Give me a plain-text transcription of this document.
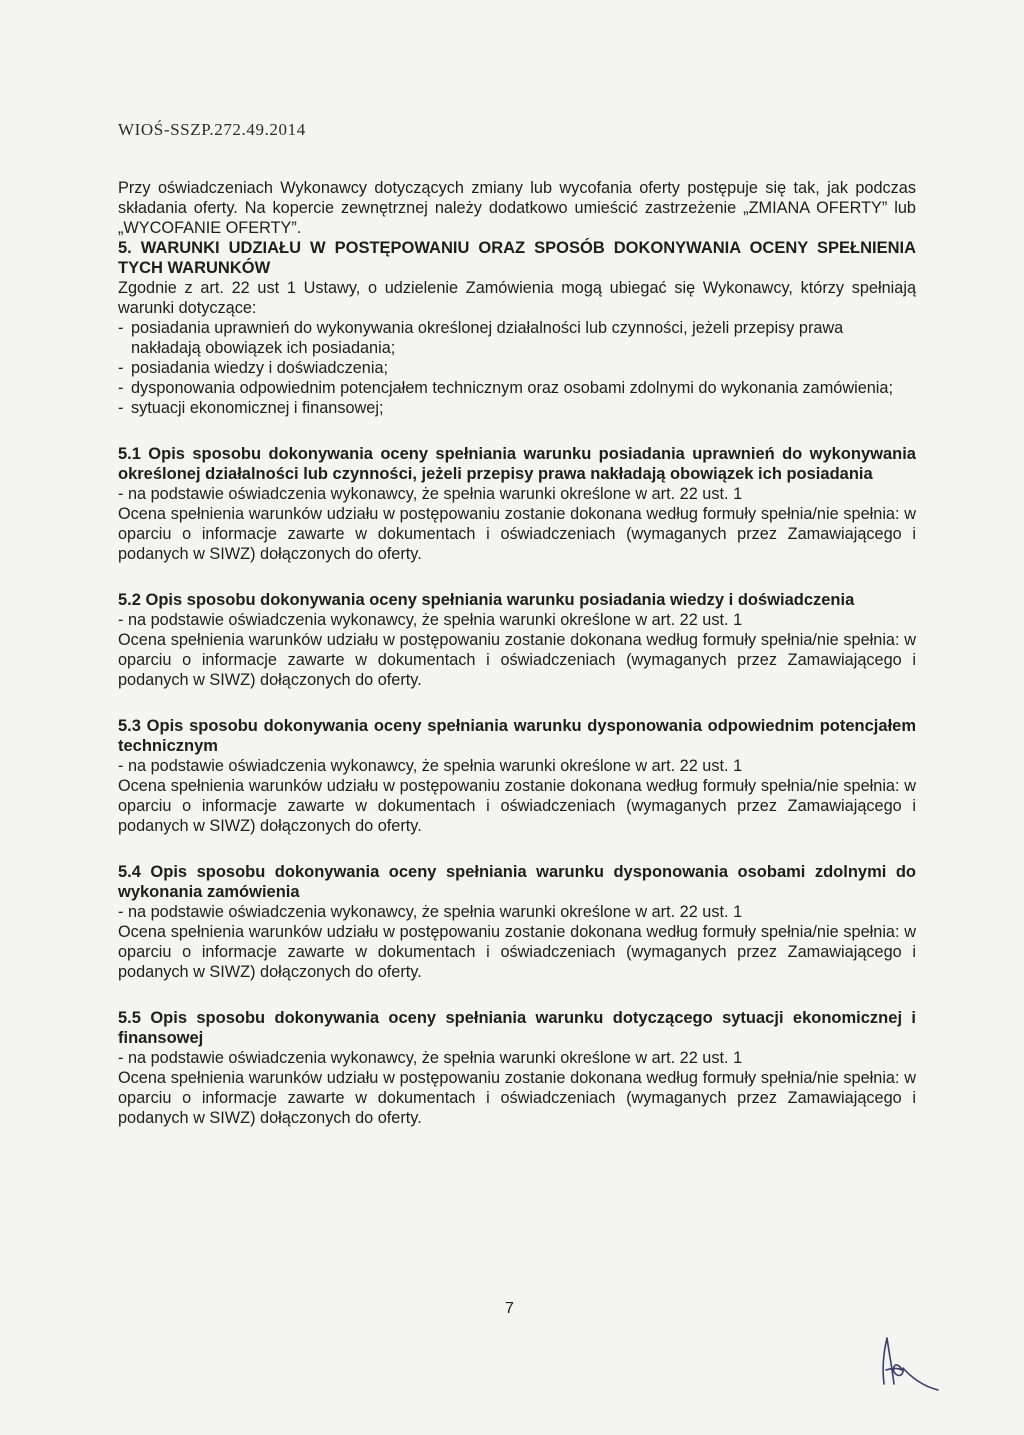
WIOŚ-SSZP.272.49.2014

Przy oświadczeniach Wykonawcy dotyczących zmiany lub wycofania oferty postępuje się tak, jak podczas składania oferty. Na kopercie zewnętrznej należy dodatkowo umieścić zastrzeżenie „ZMIANA OFERTY” lub „WYCOFANIE OFERTY”.

5. WARUNKI UDZIAŁU W POSTĘPOWANIU ORAZ SPOSÓB DOKONYWANIA OCENY SPEŁNIENIA TYCH WARUNKÓW

Zgodnie z art. 22 ust 1 Ustawy, o udzielenie Zamówienia mogą ubiegać się Wykonawcy, którzy spełniają warunki dotyczące:

- posiadania uprawnień do wykonywania określonej działalności lub czynności, jeżeli przepisy prawa nakładają obowiązek ich posiadania;
- posiadania wiedzy i doświadczenia;
- dysponowania odpowiednim potencjałem technicznym oraz osobami zdolnymi do wykonania zamówienia;
- sytuacji ekonomicznej i finansowej;

5.1 Opis sposobu dokonywania oceny spełniania warunku posiadania uprawnień do wykonywania określonej działalności lub czynności, jeżeli przepisy prawa nakładają obowiązek ich posiadania

- na podstawie oświadczenia wykonawcy, że spełnia warunki określone w art. 22 ust. 1

Ocena spełnienia warunków udziału w postępowaniu zostanie dokonana według formuły spełnia/nie spełnia: w oparciu o informacje zawarte w dokumentach i oświadczeniach (wymaganych przez Zamawiającego i podanych w SIWZ) dołączonych do oferty.

5.2 Opis sposobu dokonywania oceny spełniania warunku posiadania wiedzy i doświadczenia

- na podstawie oświadczenia wykonawcy, że spełnia warunki określone w art. 22 ust. 1

Ocena spełnienia warunków udziału w postępowaniu zostanie dokonana według formuły spełnia/nie spełnia: w oparciu o informacje zawarte w dokumentach i oświadczeniach (wymaganych przez Zamawiającego i podanych w SIWZ) dołączonych do oferty.

5.3 Opis sposobu dokonywania oceny spełniania warunku dysponowania odpowiednim potencjałem technicznym

- na podstawie oświadczenia wykonawcy, że spełnia warunki określone w art. 22 ust. 1

Ocena spełnienia warunków udziału w postępowaniu zostanie dokonana według formuły spełnia/nie spełnia: w oparciu o informacje zawarte w dokumentach i oświadczeniach (wymaganych przez Zamawiającego i podanych w SIWZ) dołączonych do oferty.

5.4 Opis sposobu dokonywania oceny spełniania warunku dysponowania osobami zdolnymi do wykonania zamówienia

- na podstawie oświadczenia wykonawcy, że spełnia warunki określone w art. 22 ust. 1

Ocena spełnienia warunków udziału w postępowaniu zostanie dokonana według formuły spełnia/nie spełnia: w oparciu o informacje zawarte w dokumentach i oświadczeniach (wymaganych przez Zamawiającego i podanych w SIWZ) dołączonych do oferty.

5.5 Opis sposobu dokonywania oceny spełniania warunku dotyczącego sytuacji ekonomicznej i finansowej

- na podstawie oświadczenia wykonawcy, że spełnia warunki określone w art. 22 ust. 1

Ocena spełnienia warunków udziału w postępowaniu zostanie dokonana według formuły spełnia/nie spełnia: w oparciu o informacje zawarte w dokumentach i oświadczeniach (wymaganych przez Zamawiającego i podanych w SIWZ) dołączonych do oferty.

7
